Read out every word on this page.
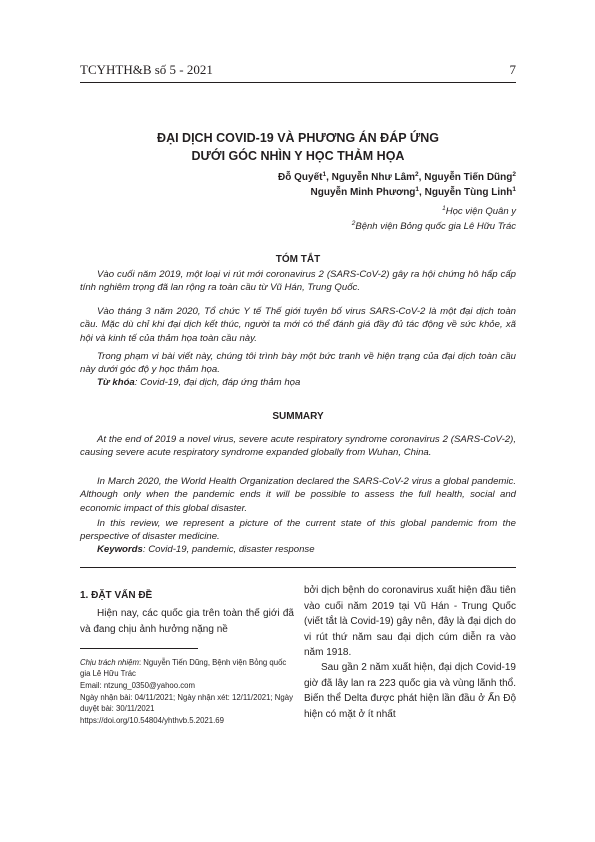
TCYHTH&B số 5 - 2021	7
ĐẠI DỊCH COVID-19 VÀ PHƯƠNG ÁN ĐÁP ỨNG
DƯỚI GÓC NHÌN Y HỌC THẢM HỌA
Đỗ Quyết$^1$, Nguyễn Như Lâm$^2$, Nguyễn Tiến Dũng$^2$
Nguyễn Minh Phương$^1$, Nguyễn Tùng Linh$^1$
$^1$Học viện Quân y
$^2$Bệnh viện Bỏng quốc gia Lê Hữu Trác
TÓM TẮT

Vào cuối năm 2019, một loại vi rút mới coronavirus 2 (SARS-CoV-2) gây ra hội chứng hô hấp cấp tính nghiêm trọng đã lan rộng ra toàn cầu từ Vũ Hán, Trung Quốc.

Vào tháng 3 năm 2020, Tổ chức Y tế Thế giới tuyên bố virus SARS-CoV-2 là một đại dịch toàn cầu. Mặc dù chỉ khi đại dịch kết thúc, người ta mới có thể đánh giá đầy đủ tác động về sức khỏe, xã hội và kinh tế của thảm họa toàn cầu này.

Trong phạm vi bài viết này, chúng tôi trình bày một bức tranh về hiện trạng của đại dịch toàn cầu này dưới góc độ y học thảm họa.

Từ khóa: Covid-19, đại dịch, đáp ứng thảm họa

SUMMARY

At the end of 2019 a novel virus, severe acute respiratory syndrome coronavirus 2 (SARS-CoV-2), causing severe acute respiratory syndrome expanded globally from Wuhan, China.

In March 2020, the World Health Organization declared the SARS-CoV-2 virus a global pandemic. Although only when the pandemic ends it will be possible to assess the full health, social and economic impact of this global disaster.

In this review, we represent a picture of the current state of this global pandemic from the perspective of disaster medicine.

Keywords: Covid-19, pandemic, disaster response

1. ĐẶT VẤN ĐỀ

Hiện nay, các quốc gia trên toàn thế giới đã và đang chịu ảnh hưởng nặng nề

Chịu trách nhiệm: Nguyễn Tiến Dũng, Bệnh viện Bỏng quốc gia Lê Hữu Trác
Email: ntzung_0350@yahoo.com
Ngày nhận bài: 04/11/2021; Ngày nhận xét: 12/11/2021; Ngày duyệt bài: 30/11/2021
https://doi.org/10.54804/yhthvb.5.2021.69

bởi dịch bệnh do coronavirus xuất hiện đầu tiên vào cuối năm 2019 tại Vũ Hán - Trung Quốc (viết tắt là Covid-19) gây nên, đây là đại dịch do vi rút thứ năm sau đại dịch cúm diễn ra vào năm 1918.

Sau gần 2 năm xuất hiện, đại dịch Covid-19 giờ đã lây lan ra 223 quốc gia và vùng lãnh thổ. Biến thể Delta được phát hiện lần đầu ở Ấn Độ hiện có mặt ở ít nhất
